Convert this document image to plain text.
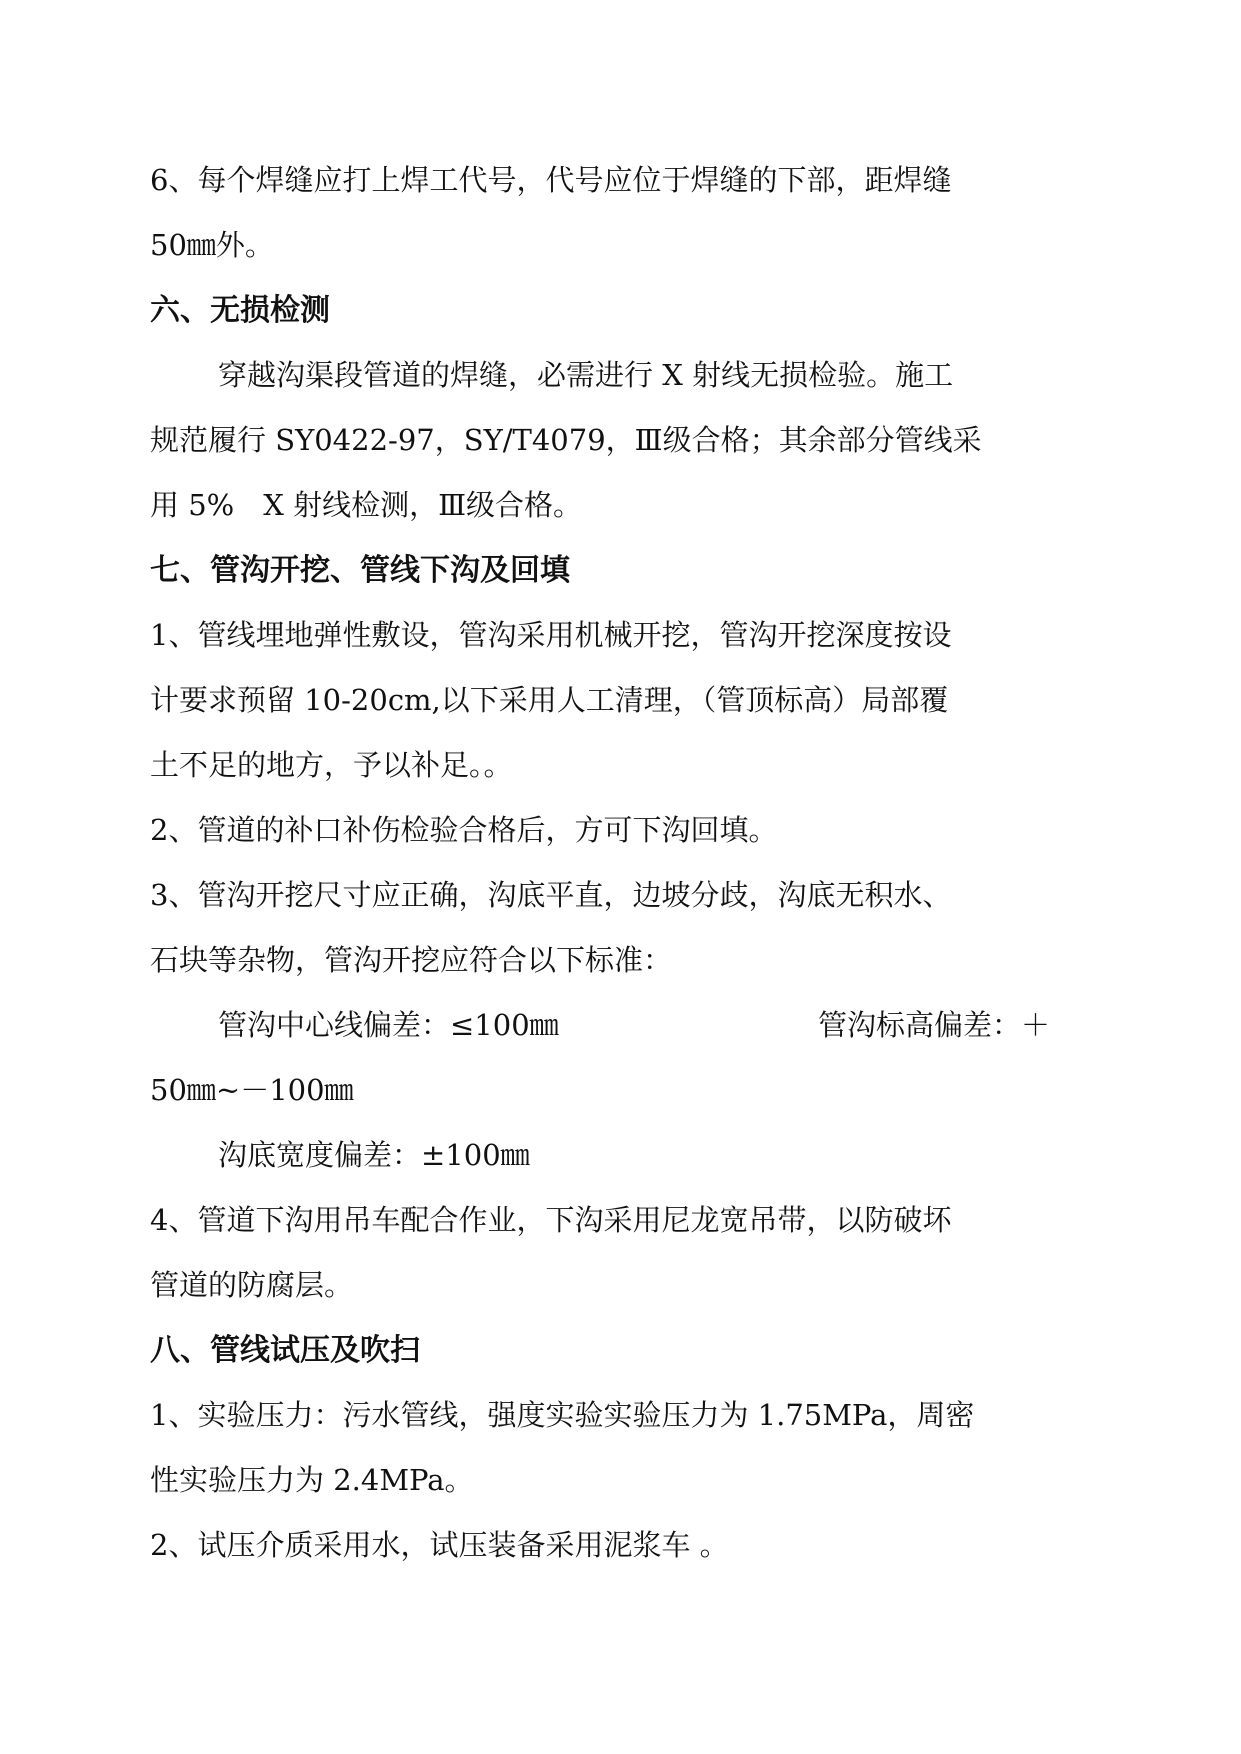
6、每个焊缝应打上焊工代号，代号应位于焊缝的下部，距焊缝
50㎜外。
六、无损检测
穿越沟渠段管道的焊缝，必需进行 X 射线无损检验。施工
规范履行 SY0422-97，SY/T4079，Ⅲ级合格；其余部分管线采
用 5%　X 射线检测，Ⅲ级合格。
七、管沟开挖、管线下沟及回填
1、管线埋地弹性敷设，管沟采用机械开挖，管沟开挖深度按设
计要求预留 10-20cm,以下采用人工清理，（管顶标高）局部覆
土不足的地方，予以补足。。
2、管道的补口补伤检验合格后，方可下沟回填。
3、管沟开挖尺寸应正确，沟底平直，边坡分歧，沟底无积水、
石块等杂物，管沟开挖应符合以下标准：
管沟中心线偏差：≤100㎜	管沟标高偏差：＋
50㎜~－100㎜
沟底宽度偏差：±100㎜
4、管道下沟用吊车配合作业，下沟采用尼龙宽吊带，以防破坏
管道的防腐层。
八、管线试压及吹扫
1、实验压力：污水管线，强度实验实验压力为 1.75MPa，周密
性实验压力为 2.4MPa。
2、试压介质采用水，试压装备采用泥浆车 。
